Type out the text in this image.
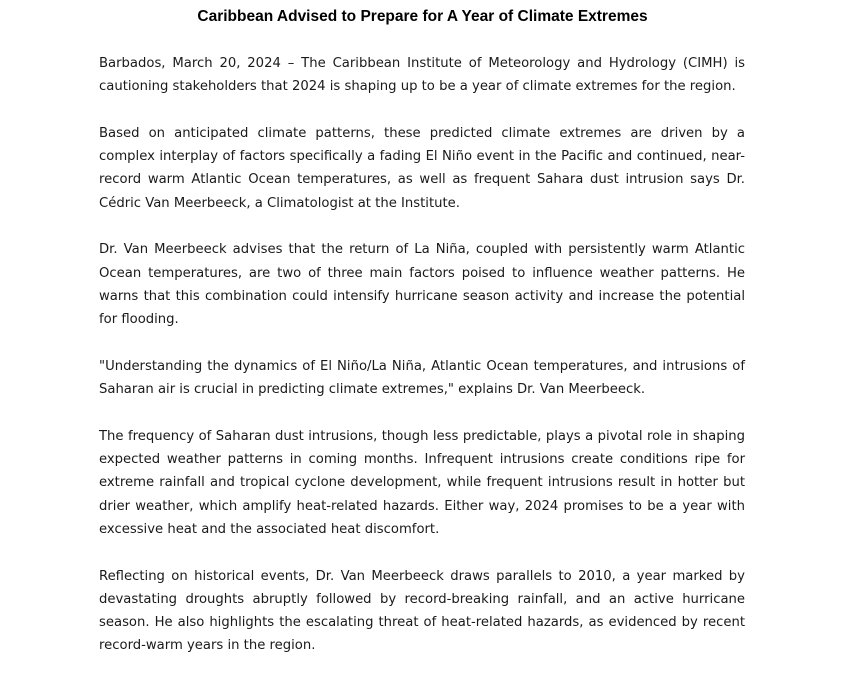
Caribbean Advised to Prepare for A Year of Climate Extremes

Barbados, March 20, 2024 – The Caribbean Institute of Meteorology and Hydrology (CIMH) is cautioning stakeholders that 2024 is shaping up to be a year of climate extremes for the region.

Based on anticipated climate patterns, these predicted climate extremes are driven by a complex interplay of factors specifically a fading El Niño event in the Pacific and continued, near-record warm Atlantic Ocean temperatures, as well as frequent Sahara dust intrusion says Dr. Cédric Van Meerbeeck, a Climatologist at the Institute.

Dr. Van Meerbeeck advises that the return of La Niña, coupled with persistently warm Atlantic Ocean temperatures, are two of three main factors poised to influence weather patterns. He warns that this combination could intensify hurricane season activity and increase the potential for flooding.

"Understanding the dynamics of El Niño/La Niña, Atlantic Ocean temperatures, and intrusions of Saharan air is crucial in predicting climate extremes," explains Dr. Van Meerbeeck.

The frequency of Saharan dust intrusions, though less predictable, plays a pivotal role in shaping expected weather patterns in coming months. Infrequent intrusions create conditions ripe for extreme rainfall and tropical cyclone development, while frequent intrusions result in hotter but drier weather, which amplify heat-related hazards. Either way, 2024 promises to be a year with excessive heat and the associated heat discomfort.

Reflecting on historical events, Dr. Van Meerbeeck draws parallels to 2010, a year marked by devastating droughts abruptly followed by record-breaking rainfall, and an active hurricane season. He also highlights the escalating threat of heat-related hazards, as evidenced by recent record-warm years in the region.
